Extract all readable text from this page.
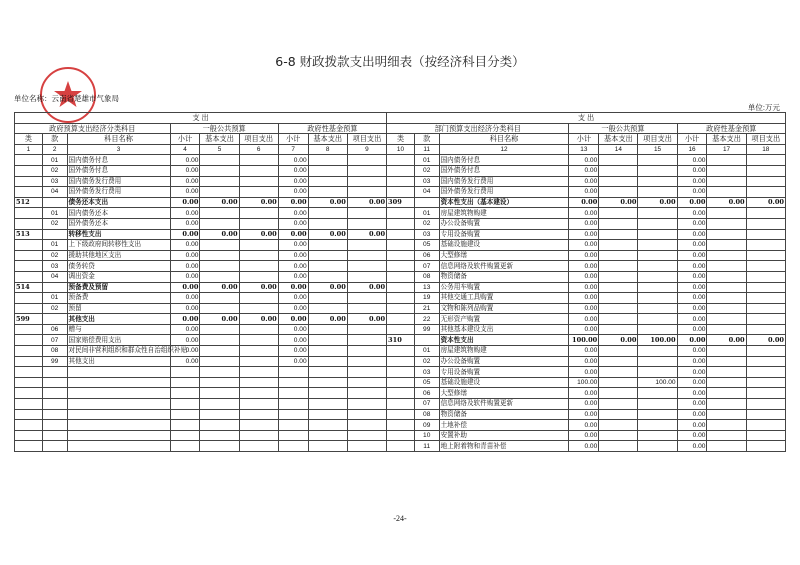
6-8 财政拨款支出明细表（按经济科目分类）
单位名称：云南省楚雄市气象局
单位:万元
支 出									支 出								
政府预算支出经济分类科目			一般公共预算			政府性基金预算			部门预算支出经济分类科目			一般公共预算			政府性基金预算		
类	款	科目名称	小计	基本支出	项目支出	小计	基本支出	项目支出	类	款	科目名称	小计	基本支出	项目支出	小计	基本支出	项目支出
1	2	3	4	5	6	7	8	9	10	11	12	13	14	15	16	17	18
	01	国内债务付息	0.00			0.00				01	国内债务付息	0.00			0.00		
	02	国外债务付息	0.00			0.00				02	国外债务付息	0.00			0.00		
	03	国内债务发行费用	0.00			0.00				03	国内债务发行费用	0.00			0.00		
	04	国外债务发行费用	0.00			0.00				04	国外债务发行费用	0.00			0.00		
512		债务还本支出	0.00	0.00	0.00	0.00	0.00	0.00	309		资本性支出（基本建设）	0.00	0.00	0.00	0.00	0.00	0.00
	01	国内债务还本	0.00			0.00				01	房屋建筑物购建	0.00			0.00		
	02	国外债务还本	0.00			0.00				02	办公设备购置	0.00			0.00		
513		转移性支出	0.00	0.00	0.00	0.00	0.00	0.00		03	专用设备购置	0.00			0.00		
	01	上下级政府间转移性支出	0.00			0.00				05	基础设施建设	0.00			0.00		
	02	援助其他地区支出	0.00			0.00				06	大型修缮	0.00			0.00		
	03	债务转贷	0.00			0.00				07	信息网络及软件购置更新	0.00			0.00		
	04	调出资金	0.00			0.00				08	物资储备	0.00			0.00		
514		预备费及预留	0.00	0.00	0.00	0.00	0.00	0.00		13	公务用车购置	0.00			0.00		
	01	预备费	0.00			0.00				19	其他交通工具购置	0.00			0.00		
	02	预留	0.00			0.00				21	文物和陈列品购置	0.00			0.00		
599		其他支出	0.00	0.00	0.00	0.00	0.00	0.00		22	无形资产购置	0.00			0.00		
	06	赠与	0.00			0.00				99	其他基本建设支出	0.00			0.00		
	07	国家赔偿费用支出	0.00			0.00			310		资本性支出	100.00	0.00	100.00	0.00	0.00	0.00
	08	对民间非营利组织和群众性自治组织补贴	0.00			0.00				01	房屋建筑物购建	0.00			0.00		
	99	其他支出	0.00			0.00				02	办公设备购置	0.00			0.00		
										03	专用设备购置	0.00			0.00		
										05	基础设施建设	100.00		100.00	0.00		
										06	大型修缮	0.00			0.00		
										07	信息网络及软件购置更新	0.00			0.00		
										08	物资储备	0.00			0.00		
										09	土地补偿	0.00			0.00		
										10	安置补助	0.00			0.00		
										11	地上附着物和青苗补偿	0.00			0.00		
-24-
